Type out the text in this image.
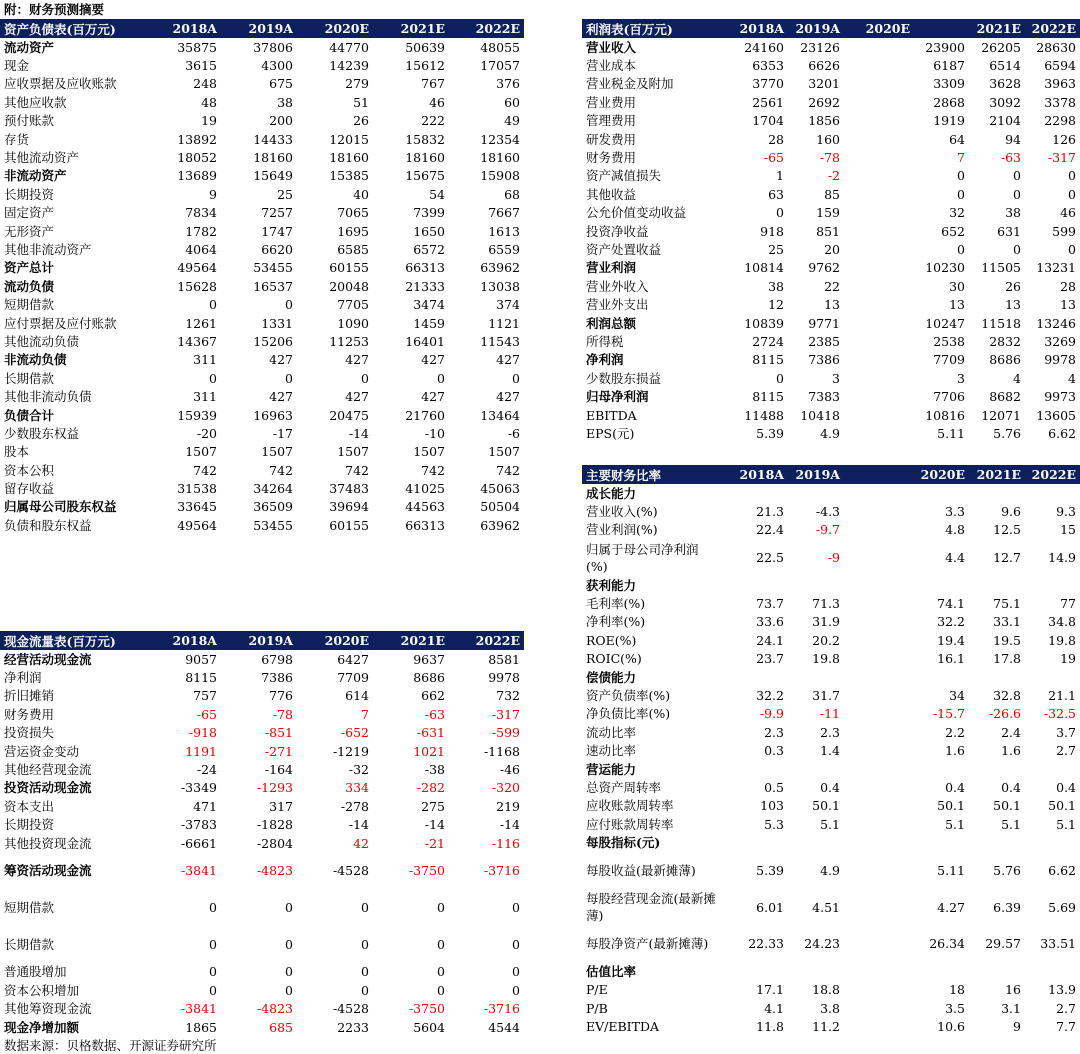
附：财务预测摘要
资产负债表(百万元)	2018A	2019A	2020E	2021E	2022E
流动资产	35875	37806	44770	50639	48055
现金	3615	4300	14239	15612	17057
应收票据及应收账款	248	675	279	767	376
其他应收款	48	38	51	46	60
预付账款	19	200	26	222	49
存货	13892	14433	12015	15832	12354
其他流动资产	18052	18160	18160	18160	18160
非流动资产	13689	15649	15385	15675	15908
长期投资	9	25	40	54	68
固定资产	7834	7257	7065	7399	7667
无形资产	1782	1747	1695	1650	1613
其他非流动资产	4064	6620	6585	6572	6559
资产总计	49564	53455	60155	66313	63962
流动负债	15628	16537	20048	21333	13038
短期借款	0	0	7705	3474	374
应付票据及应付账款	1261	1331	1090	1459	1121
其他流动负债	14367	15206	11253	16401	11543
非流动负债	311	427	427	427	427
长期借款	0	0	0	0	0
其他非流动负债	311	427	427	427	427
负债合计	15939	16963	20475	21760	13464
少数股东权益	-20	-17	-14	-10	-6
股本	1507	1507	1507	1507	1507
资本公积	742	742	742	742	742
留存收益	31538	34264	37483	41025	45063
归属母公司股东权益	33645	36509	39694	44563	50504
负债和股东权益	49564	53455	60155	66313	63962
利润表(百万元)	2018A	2019A	2020E		2021E	2022E
营业收入	24160	23126		23900	26205	28630
营业成本	6353	6626		6187	6514	6594
营业税金及附加	3770	3201		3309	3628	3963
营业费用	2561	2692		2868	3092	3378
管理费用	1704	1856		1919	2104	2298
研发费用	28	160		64	94	126
财务费用	-65	-78		7	-63	-317
资产减值损失	1	-2		0	0	0
其他收益	63	85		0	0	0
公允价值变动收益	0	159		32	38	46
投资净收益	918	851		652	631	599
资产处置收益	25	20		0	0	0
营业利润	10814	9762		10230	11505	13231
营业外收入	38	22		30	26	28
营业外支出	12	13		13	13	13
利润总额	10839	9771		10247	11518	13246
所得税	2724	2385		2538	2832	3269
净利润	8115	7386		7709	8686	9978
少数股东损益	0	3		3	4	4
归母净利润	8115	7383		7706	8682	9973
EBITDA	11488	10418		10816	12071	13605
EPS(元)	5.39	4.9		5.11	5.76	6.62
主要财务比率	2018A	2019A		2020E	2021E	2022E
成长能力						
营业收入(%)	21.3	-4.3		3.3	9.6	9.3
营业利润(%)	22.4	-9.7		4.8	12.5	15
归属于母公司净利润(%)	22.5	-9		4.4	12.7	14.9
获利能力						
毛利率(%)	73.7	71.3		74.1	75.1	77
净利率(%)	33.6	31.9		32.2	33.1	34.8
ROE(%)	24.1	20.2		19.4	19.5	19.8
ROIC(%)	23.7	19.8		16.1	17.8	19
偿债能力						
资产负债率(%)	32.2	31.7		34	32.8	21.1
净负债比率(%)	-9.9	-11		-15.7	-26.6	-32.5
流动比率	2.3	2.3		2.2	2.4	3.7
速动比率	0.3	1.4		1.6	1.6	2.7
营运能力						
总资产周转率	0.5	0.4		0.4	0.4	0.4
应收账款周转率	103	50.1		50.1	50.1	50.1
应付账款周转率	5.3	5.1		5.1	5.1	5.1
每股指标(元)						
每股收益(最新摊薄)	5.39	4.9		5.11	5.76	6.62
每股经营现金流(最新摊薄)	6.01	4.51		4.27	6.39	5.69
每股净资产(最新摊薄)	22.33	24.23		26.34	29.57	33.51
估值比率						
P/E	17.1	18.8		18	16	13.9
P/B	4.1	3.8		3.5	3.1	2.7
EV/EBITDA	11.8	11.2		10.6	9	7.7
现金流量表(百万元)	2018A	2019A	2020E	2021E	2022E
经营活动现金流	9057	6798	6427	9637	8581
净利润	8115	7386	7709	8686	9978
折旧摊销	757	776	614	662	732
财务费用	-65	-78	7	-63	-317
投资损失	-918	-851	-652	-631	-599
营运资金变动	1191	-271	-1219	1021	-1168
其他经营现金流	-24	-164	-32	-38	-46
投资活动现金流	-3349	-1293	334	-282	-320
资本支出	471	317	-278	275	219
长期投资	-3783	-1828	-14	-14	-14
其他投资现金流	-6661	-2804	42	-21	-116
筹资活动现金流	-3841	-4823	-4528	-3750	-3716
短期借款	0	0	0	0	0
长期借款	0	0	0	0	0
普通股增加	0	0	0	0	0
资本公积增加	0	0	0	0	0
其他筹资现金流	-3841	-4823	-4528	-3750	-3716
现金净增加额	1865	685	2233	5604	4544
数据来源：贝格数据、开源证券研究所
